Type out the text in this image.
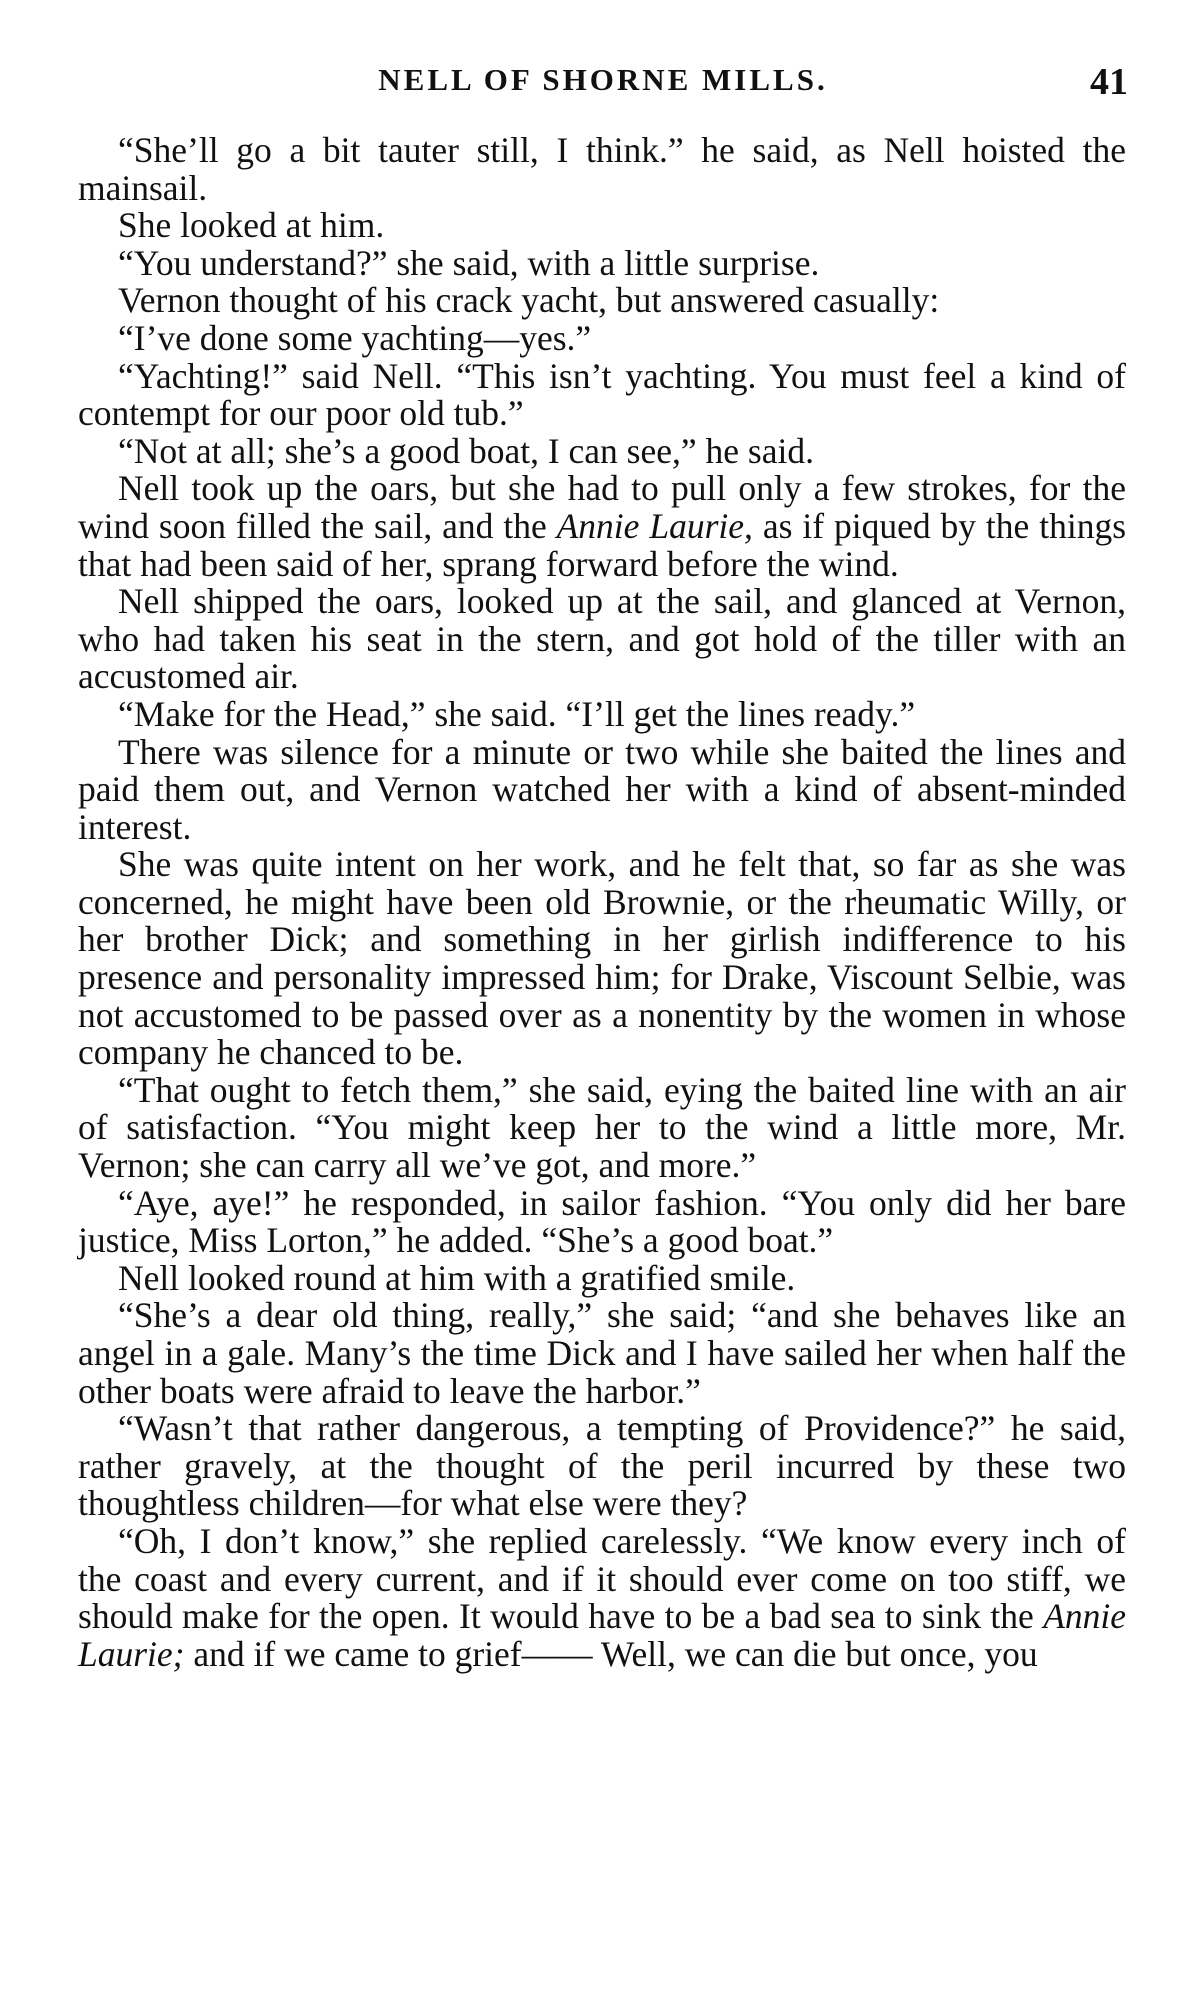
NELL OF SHORNE MILLS.	41

“She’ll go a bit tauter still, I think.” he said, as Nell hoisted the mainsail.

She looked at him.

“You understand?” she said, with a little surprise.

Vernon thought of his crack yacht, but answered casually:

“I’ve done some yachting—yes.”

“Yachting!” said Nell. “This isn’t yachting. You must feel a kind of contempt for our poor old tub.”

“Not at all; she’s a good boat, I can see,” he said.

Nell took up the oars, but she had to pull only a few strokes, for the wind soon filled the sail, and the Annie Laurie, as if piqued by the things that had been said of her, sprang forward before the wind.

Nell shipped the oars, looked up at the sail, and glanced at Vernon, who had taken his seat in the stern, and got hold of the tiller with an accustomed air.

“Make for the Head,” she said. “I’ll get the lines ready.”

There was silence for a minute or two while she baited the lines and paid them out, and Vernon watched her with a kind of absent-minded interest.

She was quite intent on her work, and he felt that, so far as she was concerned, he might have been old Brownie, or the rheumatic Willy, or her brother Dick; and something in her girlish indifference to his presence and personality impressed him; for Drake, Viscount Selbie, was not accustomed to be passed over as a nonentity by the women in whose company he chanced to be.

“That ought to fetch them,” she said, eying the baited line with an air of satisfaction. “You might keep her to the wind a little more, Mr. Vernon; she can carry all we’ve got, and more.”

“Aye, aye!” he responded, in sailor fashion. “You only did her bare justice, Miss Lorton,” he added. “She’s a good boat.”

Nell looked round at him with a gratified smile.

“She’s a dear old thing, really,” she said; “and she behaves like an angel in a gale. Many’s the time Dick and I have sailed her when half the other boats were afraid to leave the harbor.”

“Wasn’t that rather dangerous, a tempting of Providence?” he said, rather gravely, at the thought of the peril incurred by these two thoughtless children—for what else were they?

“Oh, I don’t know,” she replied carelessly. “We know every inch of the coast and every current, and if it should ever come on too stiff, we should make for the open. It would have to be a bad sea to sink the Annie Laurie; and if we came to grief—— Well, we can die but once, you
